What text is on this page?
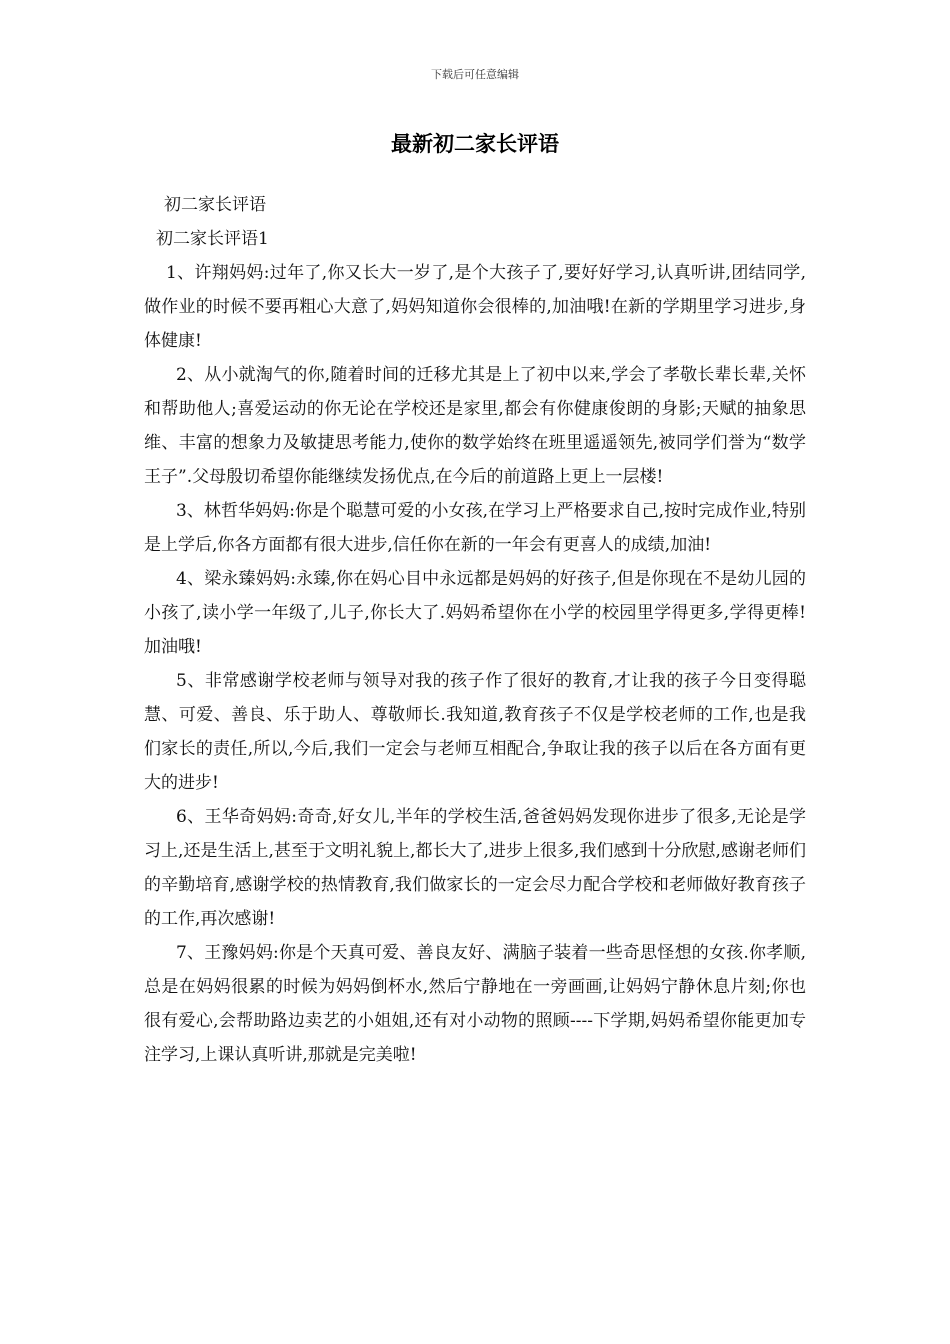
下载后可任意编辑
最新初二家长评语

初二家长评语

初二家长评语1

1、许翔妈妈:过年了,你又长大一岁了,是个大孩子了,要好好学习,认真听讲,团结同学,做作业的时候不要再粗心大意了,妈妈知道你会很棒的,加油哦!在新的学期里学习进步,身体健康!

2、从小就淘气的你,随着时间的迁移尤其是上了初中以来,学会了孝敬长辈长辈,关怀和帮助他人;喜爱运动的你无论在学校还是家里,都会有你健康俊朗的身影;天赋的抽象思维、丰富的想象力及敏捷思考能力,使你的数学始终在班里遥遥领先,被同学们誉为“数学王子”.父母殷切希望你能继续发扬优点,在今后的前道路上更上一层楼!

3、林哲华妈妈:你是个聪慧可爱的小女孩,在学习上严格要求自己,按时完成作业,特别是上学后,你各方面都有很大进步,信任你在新的一年会有更喜人的成绩,加油!

4、梁永臻妈妈:永臻,你在妈心目中永远都是妈妈的好孩子,但是你现在不是幼儿园的小孩了,读小学一年级了,儿子,你长大了.妈妈希望你在小学的校园里学得更多,学得更棒!加油哦!

5、非常感谢学校老师与领导对我的孩子作了很好的教育,才让我的孩子今日变得聪慧、可爱、善良、乐于助人、尊敬师长.我知道,教育孩子不仅是学校老师的工作,也是我们家长的责任,所以,今后,我们一定会与老师互相配合,争取让我的孩子以后在各方面有更大的进步!

6、王华奇妈妈:奇奇,好女儿,半年的学校生活,爸爸妈妈发现你进步了很多,无论是学习上,还是生活上,甚至于文明礼貌上,都长大了,进步上很多,我们感到十分欣慰,感谢老师们的辛勤培育,感谢学校的热情教育,我们做家长的一定会尽力配合学校和老师做好教育孩子的工作,再次感谢!

7、王豫妈妈:你是个天真可爱、善良友好、满脑子装着一些奇思怪想的女孩.你孝顺,总是在妈妈很累的时候为妈妈倒杯水,然后宁静地在一旁画画,让妈妈宁静休息片刻;你也很有爱心,会帮助路边卖艺的小姐姐,还有对小动物的照顾----下学期,妈妈希望你能更加专注学习,上课认真听讲,那就是完美啦!
